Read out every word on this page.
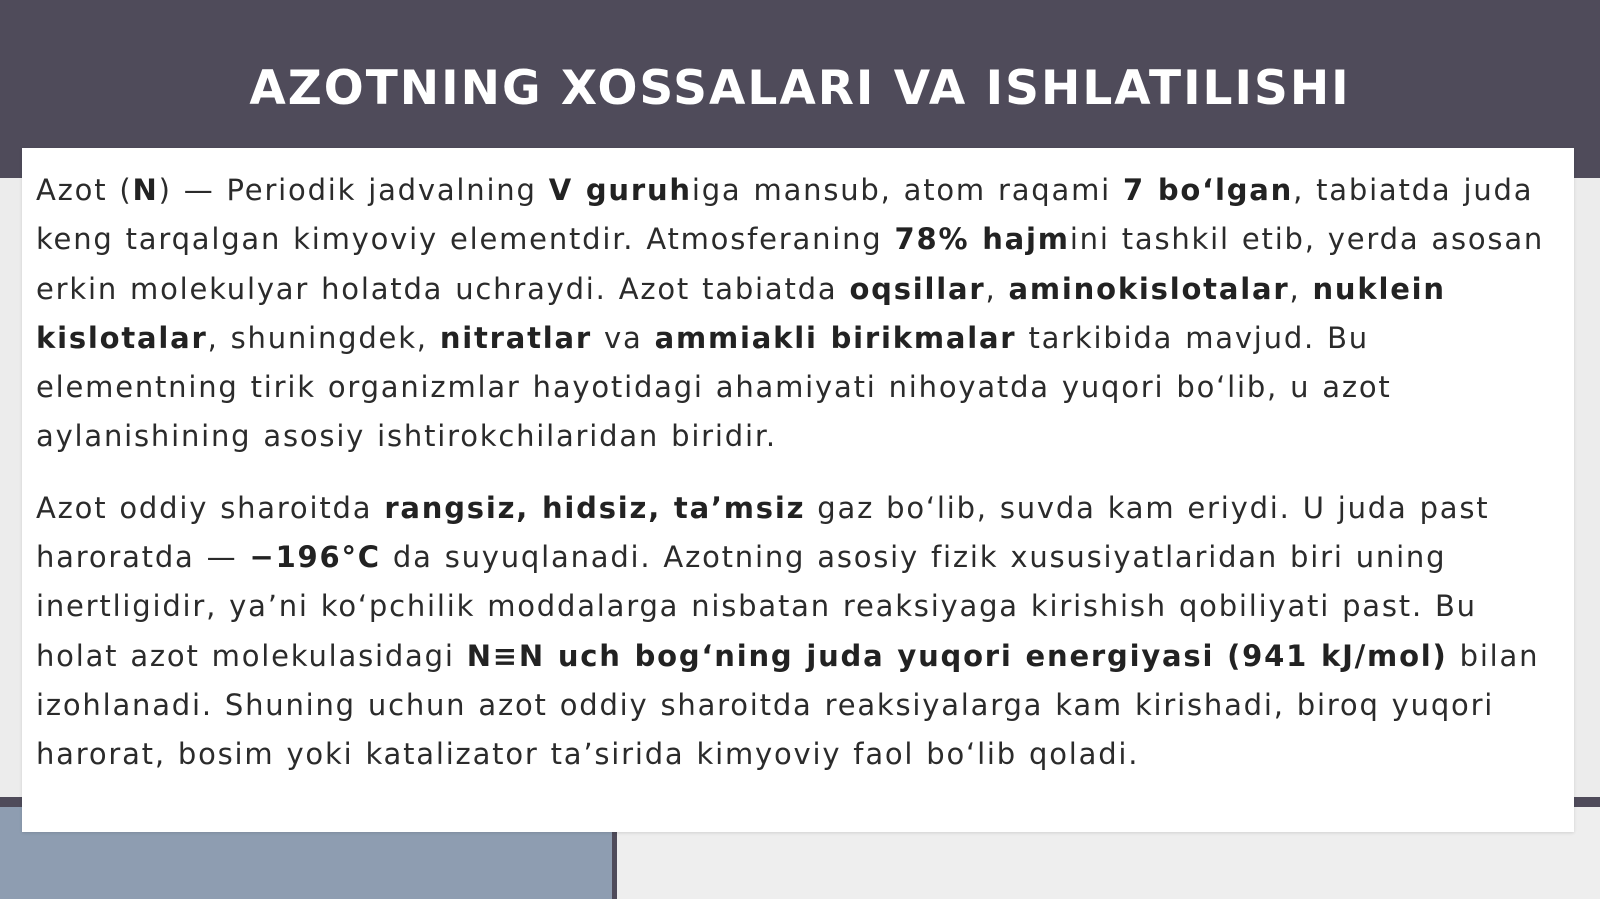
AZOTNING XOSSALARI VA ISHLATILISHI

Azot (N) — Periodik jadvalning V guruhiga mansub, atom raqami 7 bo‘lgan, tabiatda juda keng tarqalgan kimyoviy elementdir. Atmosferaning 78% hajmini tashkil etib, yerda asosan erkin molekulyar holatda uchraydi. Azot tabiatda oqsillar, aminokislotalar, nuklein kislotalar, shuningdek, nitratlar va ammiakli birikmalar tarkibida mavjud. Bu elementning tirik organizmlar hayotidagi ahamiyati nihoyatda yuqori bo‘lib, u azot aylanishining asosiy ishtirokchilaridan biridir.

Azot oddiy sharoitda rangsiz, hidsiz, ta’msiz gaz bo‘lib, suvda kam eriydi. U juda past haroratda — −196°C da suyuqlanadi. Azotning asosiy fizik xususiyatlaridan biri uning inertligidir, ya’ni ko‘pchilik moddalarga nisbatan reaksiyaga kirishish qobiliyati past. Bu holat azot molekulasidagi N≡N uch bog‘ning juda yuqori energiyasi (941 kJ/mol) bilan izohlanadi. Shuning uchun azot oddiy sharoitda reaksiyalarga kam kirishadi, biroq yuqori harorat, bosim yoki katalizator ta’sirida kimyoviy faol bo‘lib qoladi.
